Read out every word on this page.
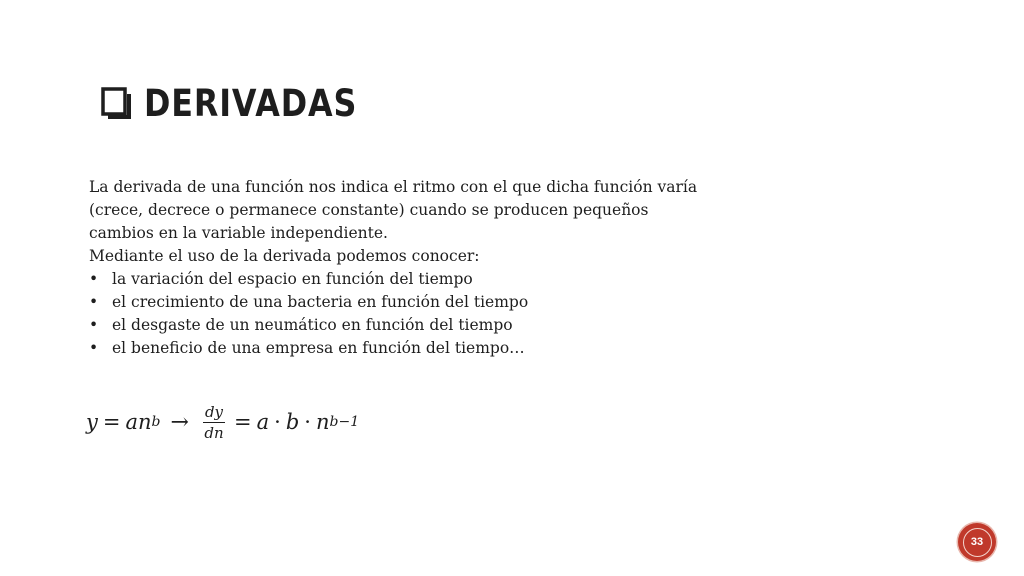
DERIVADAS

La derivada de una función nos indica el ritmo con el que dicha función varía

(crece, decrece o permanece constante) cuando se producen pequeños

cambios en la variable independiente.

Mediante el uso de la derivada podemos conocer:

• la variación del espacio en función del tiempo
• el crecimiento de una bacteria en función del tiempo
• el desgaste de un neumático en función del tiempo
• el beneficio de una empresa en función del tiempo…
y = an $b \to \frac{dy}{dn} = a \cdot b \cdot n$ b−1
33
